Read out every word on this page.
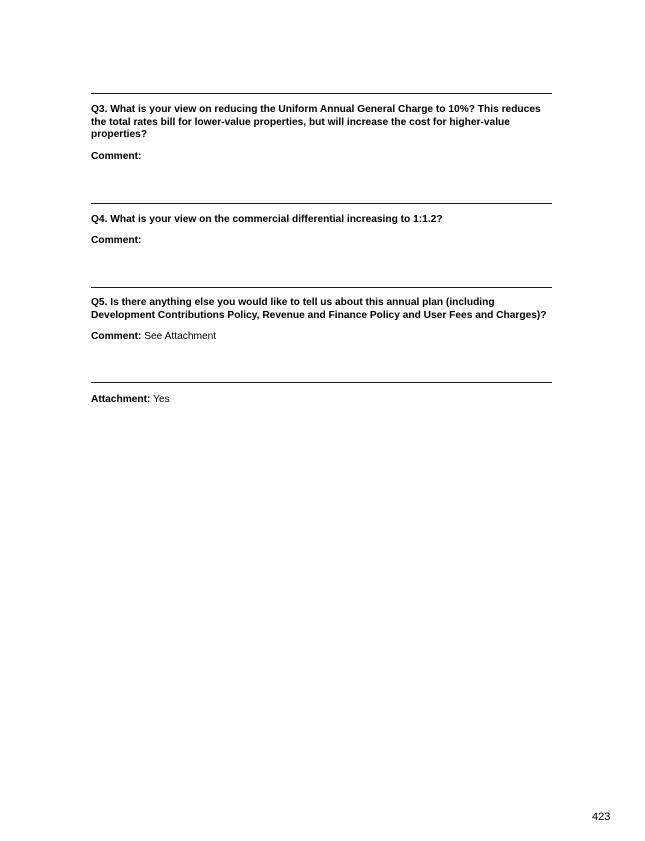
Q3. What is your view on reducing the Uniform Annual General Charge to 10%? This reduces the total rates bill for lower-value properties, but will increase the cost for higher-value properties?
Comment:
Q4. What is your view on the commercial differential increasing to 1:1.2?
Comment:
Q5. Is there anything else you would like to tell us about this annual plan (including Development Contributions Policy, Revenue and Finance Policy and User Fees and Charges)?
Comment: See Attachment
Attachment: Yes
423
